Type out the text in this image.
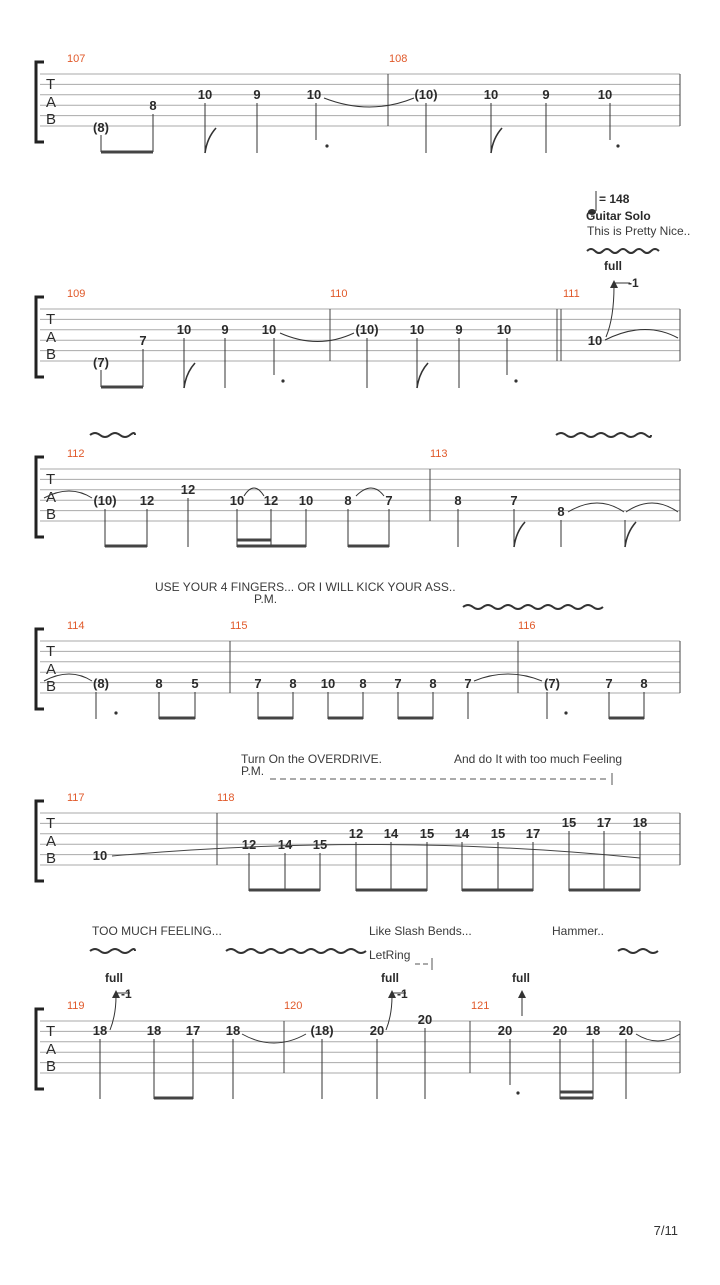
T
A
B
107	108
(8)
8
10	9	10	(10)	10	9	10
= 148
Guitar Solo
This is Pretty Nice..
T
A
B
109	110	111
(7)
7
10 9	10	(10) 10 9	10
10
full
-1
T
A
B
112	113
(10) 12
12
10 12 10 8	7	8	7
8
USE YOUR 4 FINGERS... OR I WILL KICK YOUR ASS..
P.M.
T
A
B
114	115	116
(8)	8 5	7 8 10 8 7 8 7	(7)	7 8
Turn On the OVERDRIVE.	And do It with too much Feeling
P.M.
T
A
B
117	118
10
12 14 15
12 14 15 14 15 17
15 17 18
TOO MUCH FEELING...	Like Slash Bends...	Hammer..
LetRing
T
A
B
119	120	121
18	18 17 18	(18)	20
20
20	20 18 20
full
-1
full
-1
full
7/11
